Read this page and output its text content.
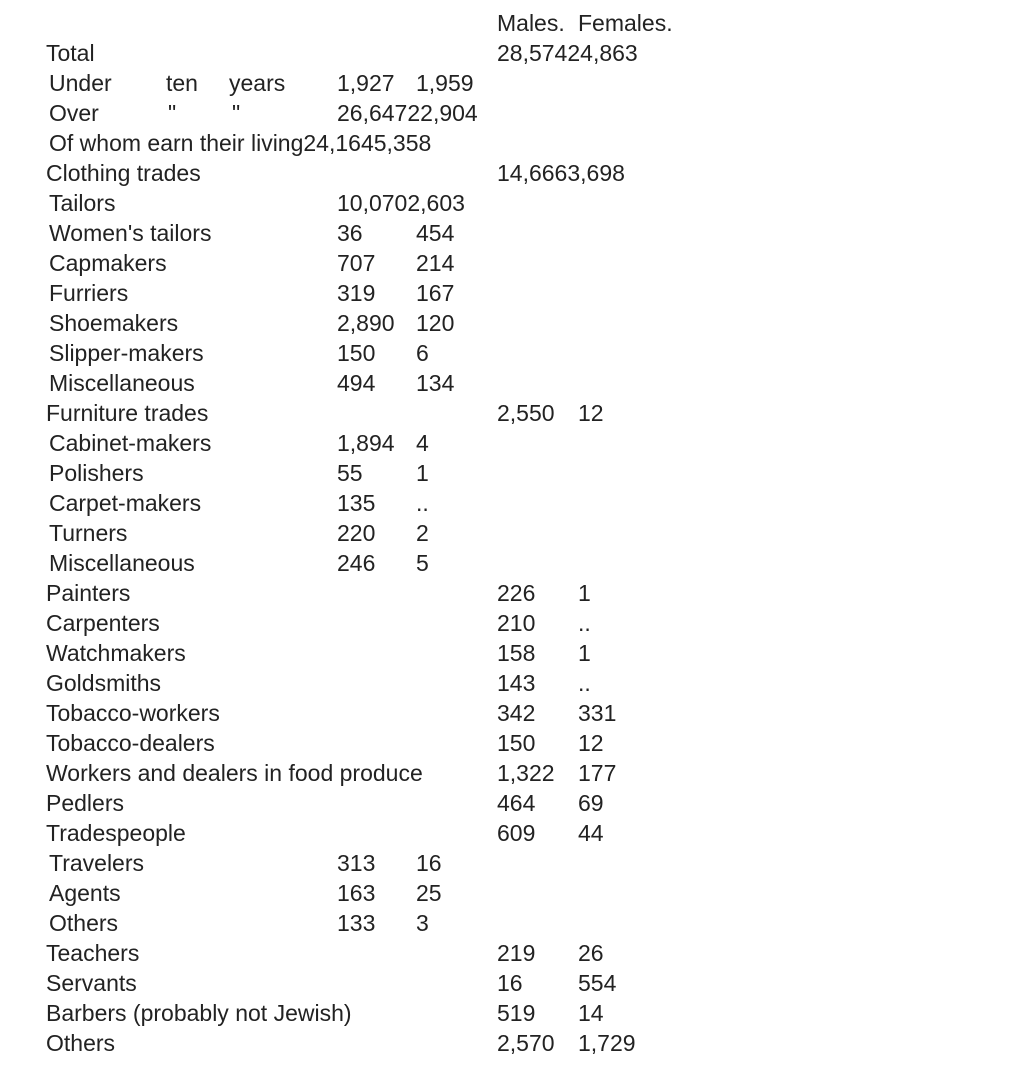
Males. Females.
Total	28,574 24,863
Under ten years 1,927 1,959
Over	" "	26,647 22,904
Of whom earn their living 24,164 5,358
Clothing trades	14,666 3,698
Tailors	10,070 2,603
Women's tailors	36 454
Capmakers	707 214
Furriers	319 167
Shoemakers	2,890 120
Slipper-makers	150 6
Miscellaneous	494 134
Furniture trades	2,550 12
Cabinet-makers	1,894 4
Polishers	55 1
Carpet-makers	135 ..
Turners	220 2
Miscellaneous	246 5
Painters	226 1
Carpenters	210 ..
Watchmakers	158 1
Goldsmiths	143 ..
Tobacco-workers	342 331
Tobacco-dealers	150 12
Workers and dealers in food produce	1,322 177
Pedlers	464 69
Tradespeople	609 44
Travelers	313 16
Agents	163 25
Others	133 3
Teachers	219 26
Servants	16 554
Barbers (probably not Jewish)	519 14
Others	2,570 1,729
